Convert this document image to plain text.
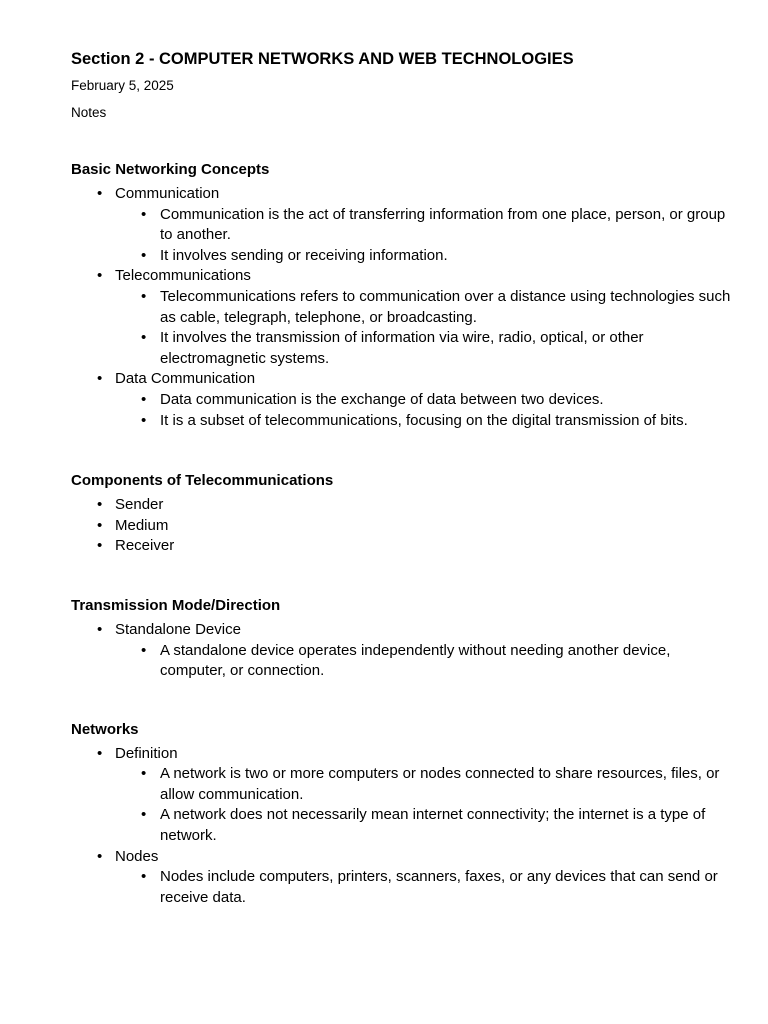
Section 2 - COMPUTER NETWORKS AND WEB TECHNOLOGIES
February 5, 2025
Notes
Basic Networking Concepts
• Communication
• Communication is the act of transferring information from one place, person, or group to another.
• It involves sending or receiving information.
• Telecommunications
• Telecommunications refers to communication over a distance using technologies such as cable, telegraph, telephone, or broadcasting.
• It involves the transmission of information via wire, radio, optical, or other electromagnetic systems.
• Data Communication
• Data communication is the exchange of data between two devices.
• It is a subset of telecommunications, focusing on the digital transmission of bits.
Components of Telecommunications
• Sender
• Medium
• Receiver
Transmission Mode/Direction
• Standalone Device
• A standalone device operates independently without needing another device, computer, or connection.
Networks
• Definition
• A network is two or more computers or nodes connected to share resources, files, or allow communication.
• A network does not necessarily mean internet connectivity; the internet is a type of network.
• Nodes
• Nodes include computers, printers, scanners, faxes, or any devices that can send or receive data.
